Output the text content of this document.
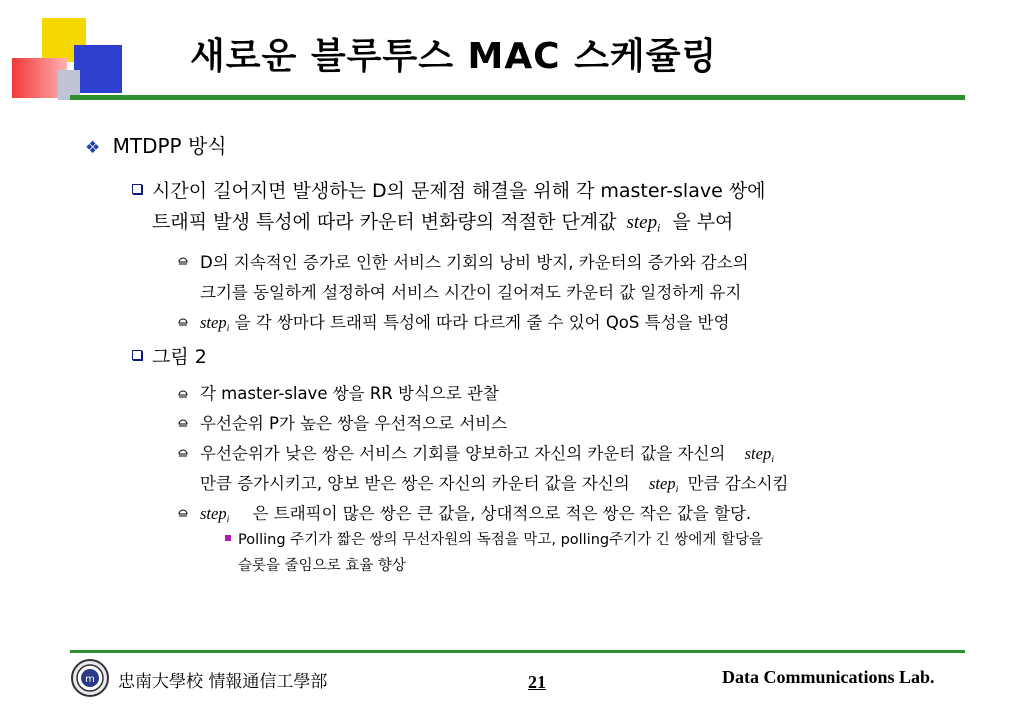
새로운 블루투스 MAC 스케쥴링
❖ MTDPP 방식
시간이 길어지면 발생하는 D의 문제점 해결을 위해 각 master-slave 쌍에
트래픽 발생 특성에 따라 카운터 변화량의 적절한 단계값 step$_i$ 을 부여
D의 지속적인 증가로 인한 서비스 기회의 낭비 방지, 카운터의 증가와 감소의
크기를 동일하게 설정하여 서비스 시간이 길어져도 카운터 값 일정하게 유지
step$_i$ 을 각 쌍마다 트래픽 특성에 따라 다르게 줄 수 있어 QoS 특성을 반영
그림 2
각 master-slave 쌍을 RR 방식으로 관찰
우선순위 P가 높은 쌍을 우선적으로 서비스
우선순위가 낮은 쌍은 서비스 기회를 양보하고 자신의 카운터 값을 자신의 step$_i$
만큼 증가시키고, 양보 받은 쌍은 자신의 카운터 값을 자신의 step$_i$ 만큼 감소시킴
step$_i$ 은 트래픽이 많은 쌍은 큰 값을, 상대적으로 적은 쌍은 작은 값을 할당.
Polling 주기가 짧은 쌍의 무선자원의 독점을 막고, polling주기가 긴 쌍에게 할당을
슬롯을 줄임으로 효율 향상
m 忠南大學校 情報通信工學部	21	Data Communications Lab.
